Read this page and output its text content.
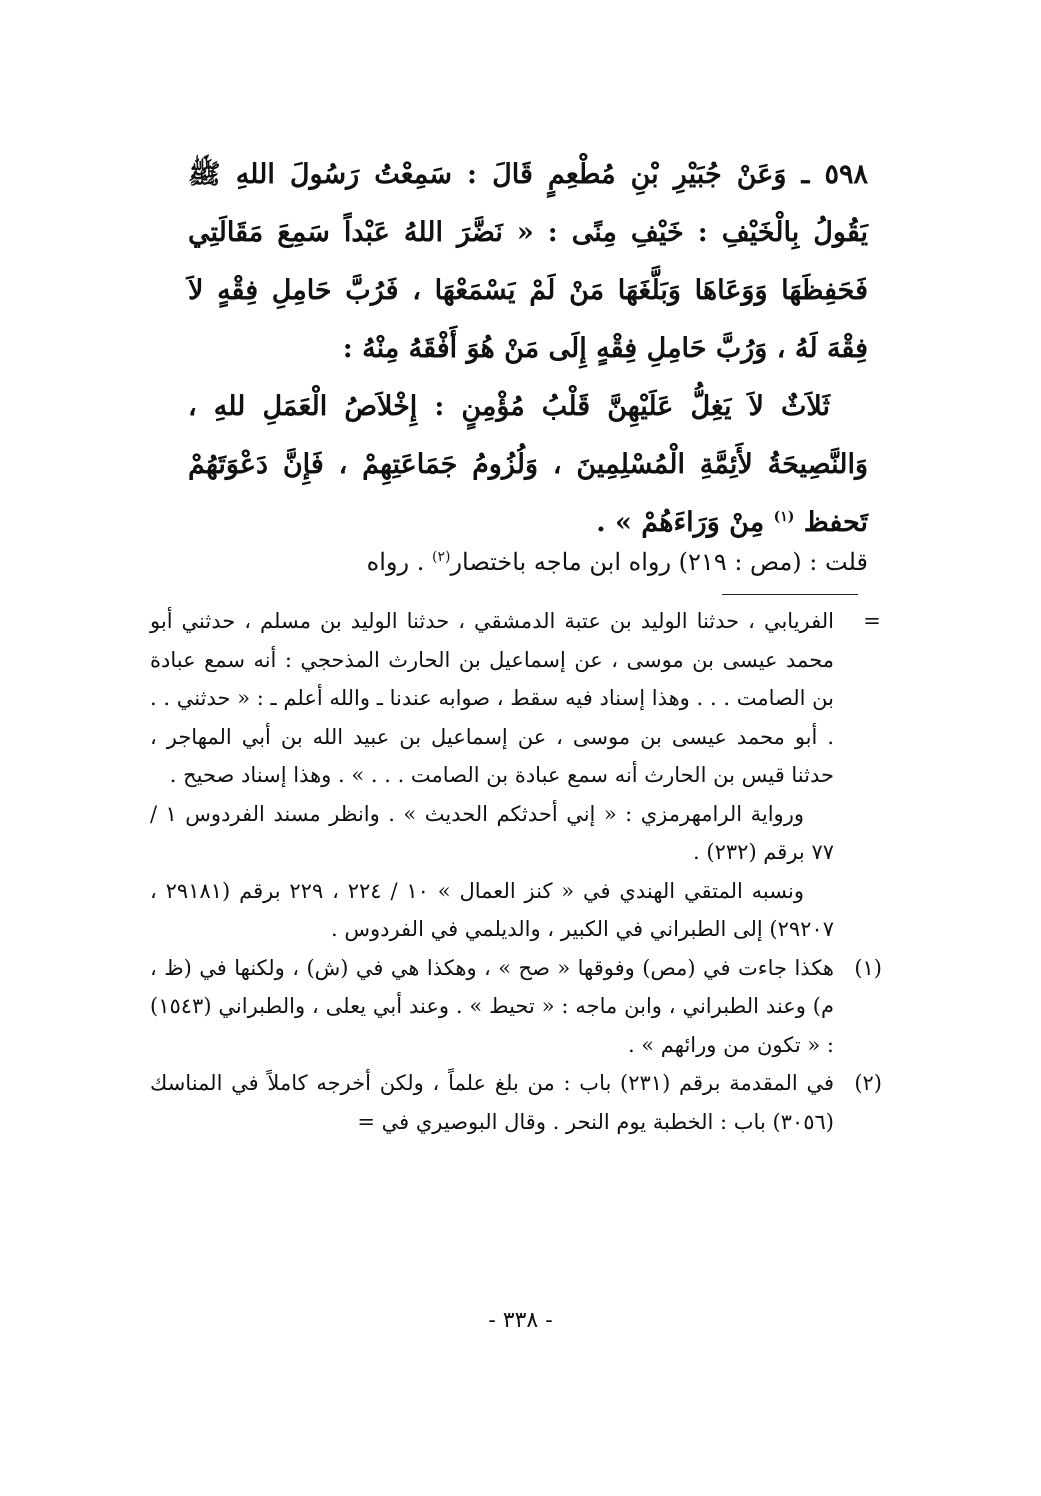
٥٩٨ ـ وَعَنْ جُبَيْرِ بْنِ مُطْعِمٍ قَالَ : سَمِعْتُ رَسُولَ اللهِ ﷺ يَقُولُ بِالْخَيْفِ : خَيْفِ مِنًى : « نَضَّرَ اللهُ عَبْداً سَمِعَ مَقَالَتِي فَحَفِظَهَا وَوَعَاهَا وَبَلَّغَهَا مَنْ لَمْ يَسْمَعْهَا ، فَرُبَّ حَامِلِ فِقْهٍ لاَ فِقْهَ لَهُ ، وَرُبَّ حَامِلِ فِقْهٍ إِلَى مَنْ هُوَ أَفْقَهُ مِنْهُ :

ثَلاَثٌ لاَ يَغِلُّ عَلَيْهِنَّ قَلْبُ مُؤْمِنٍ : إِخْلاَصُ الْعَمَلِ للهِ ، وَالنَّصِيحَةُ لأَئِمَّةِ الْمُسْلِمِينَ ، وَلُزُومُ جَمَاعَتِهِمْ ، فَإِنَّ دَعْوَتَهُمْ تَحفظ $^{(١)}$ مِنْ وَرَاءَهُمْ » .

قلت : (مص : ٢١٩) رواه ابن ماجه باختصار$^{(٢)}$ . رواه
=
الفريابي ، حدثنا الوليد بن عتبة الدمشقي ، حدثنا الوليد بن مسلم ، حدثني أبو محمد عيسى بن موسى ، عن إسماعيل بن الحارث المذحجي : أنه سمع عبادة بن الصامت . . . وهذا إسناد فيه سقط ، صوابه عندنا ـ والله أعلم ـ : « حدثني . . . أبو محمد عيسى بن موسى ، عن إسماعيل بن عبيد الله بن أبي المهاجر ، حدثنا قيس بن الحارث أنه سمع عبادة بن الصامت . . . » . وهذا إسناد صحيح .
ورواية الرامهرمزي : « إني أحدثكم الحديث » . وانظر مسند الفردوس ١ / ٧٧ برقم (٢٣٢) .
ونسبه المتقي الهندي في « كنز العمال » ١٠ / ٢٢٤ ، ٢٢٩ برقم (٢٩١٨١ ، ٢٩٢٠٧) إلى الطبراني في الكبير ، والديلمي في الفردوس .
(١)
هكذا جاءت في (مص) وفوقها « صح » ، وهكذا هي في (ش) ، ولكنها في (ظ ، م) وعند الطبراني ، وابن ماجه : « تحيط » . وعند أبي يعلى ، والطبراني (١٥٤٣) : « تكون من ورائهم » .
(٢)
في المقدمة برقم (٢٣١) باب : من بلغ علماً ، ولكن أخرجه كاملاً في المناسك (٣٠٥٦) باب : الخطبة يوم النحر . وقال البوصيري في =
- ٣٣٨ -
